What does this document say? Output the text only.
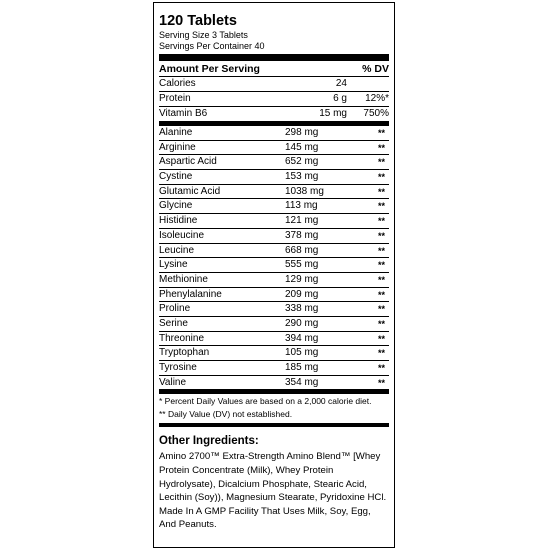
120 Tablets
Serving Size 3 Tablets
Servings Per Container 40
Amount Per Serving	% DV
Calories	24
Protein	6 g 12%*
Vitamin B6	15 mg 750%
Alanine	298 mg	**
Arginine	145 mg	**
Aspartic Acid	652 mg	**
Cystine	153 mg	**
Glutamic Acid	1038 mg	**
Glycine	113 mg	**
Histidine	121 mg	**
Isoleucine	378 mg	**
Leucine	668 mg	**
Lysine	555 mg	**
Methionine	129 mg	**
Phenylalanine	209 mg	**
Proline	338 mg	**
Serine	290 mg	**
Threonine	394 mg	**
Tryptophan	105 mg	**
Tyrosine	185 mg	**
Valine	354 mg	**

* Percent Daily Values are based on a 2,000 calorie diet.

** Daily Value (DV) not established.

Other Ingredients:
Amino 2700™ Extra-Strength Amino Blend™ [Whey Protein Concentrate (Milk), Whey Protein Hydrolysate), Dicalcium Phosphate, Stearic Acid, Lecithin (Soy)), Magnesium Stearate, Pyridoxine HCl. Made In A GMP Facility That Uses Milk, Soy, Egg, And Peanuts.
